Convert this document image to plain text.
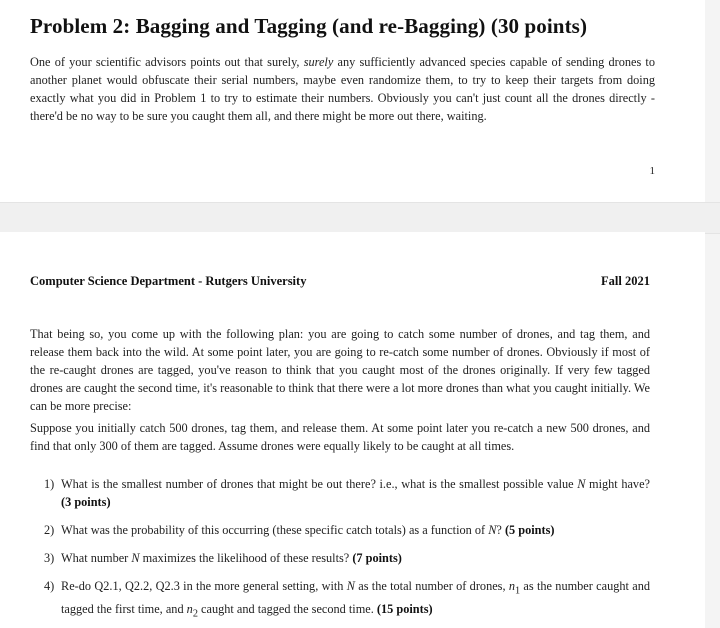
Problem 2: Bagging and Tagging (and re-Bagging) (30 points)

One of your scientific advisors points out that surely, surely any sufficiently advanced species capable of sending drones to another planet would obfuscate their serial numbers, maybe even randomize them, to try to keep their targets from doing exactly what you did in Problem 1 to try to estimate their numbers. Obviously you can't just count all the drones directly - there'd be no way to be sure you caught them all, and there might be more out there, waiting.

1
Computer Science Department - Rutgers University	Fall 2021

That being so, you come up with the following plan: you are going to catch some number of drones, and tag them, and release them back into the wild. At some point later, you are going to re-catch some number of drones. Obviously if most of the re-caught drones are tagged, you've reason to think that you caught most of the drones originally. If very few tagged drones are caught the second time, it's reasonable to think that there were a lot more drones than what you caught initially. We can be more precise:

Suppose you initially catch 500 drones, tag them, and release them. At some point later you re-catch a new 500 drones, and find that only 300 of them are tagged. Assume drones were equally likely to be caught at all times.

1) What is the smallest number of drones that might be out there? i.e., what is the smallest possible value N might have? (3 points)
2) What was the probability of this occurring (these specific catch totals) as a function of N? (5 points)
3) What number N maximizes the likelihood of these results? (7 points)
4) Re-do Q2.1, Q2.2, Q2.3 in the more general setting, with N as the total number of drones, $n_1$ as the number caught and tagged the first time, and $n_2$ caught and tagged the second time. (15 points)
